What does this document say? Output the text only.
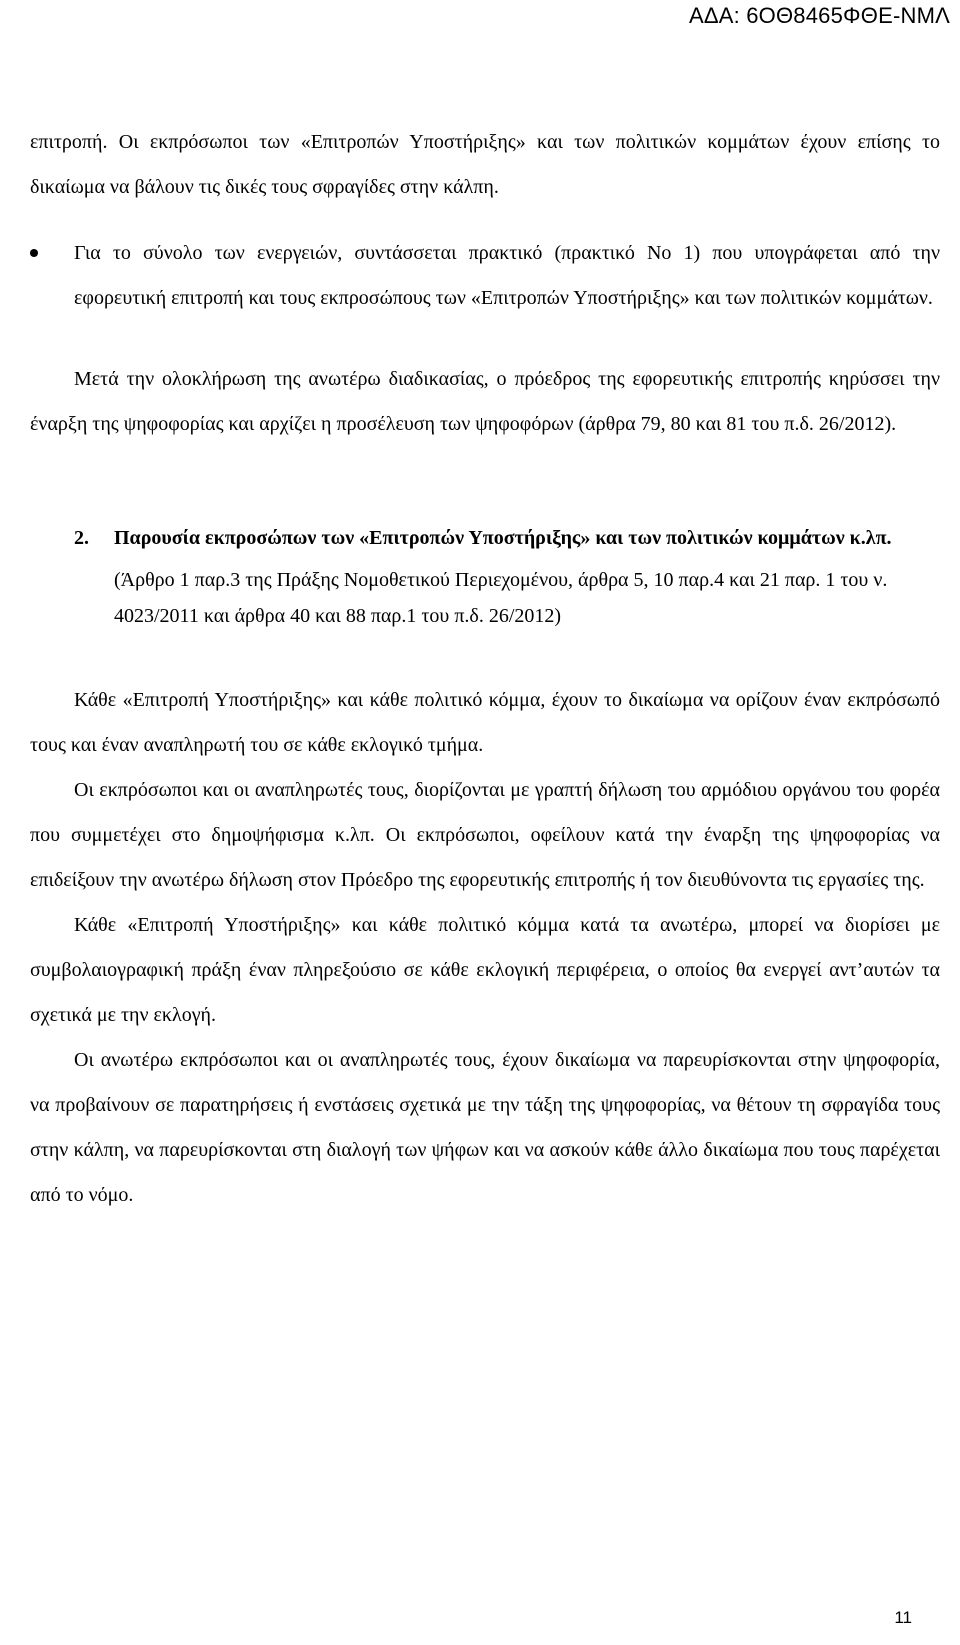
ΑΔΑ: 6ΟΘ8465ΦΘΕ-ΝΜΛ

επιτροπή. Οι εκπρόσωποι των «Επιτροπών Υποστήριξης» και των πολιτικών κομμάτων έχουν επίσης το δικαίωμα να βάλουν τις δικές τους σφραγίδες στην κάλπη.

Για το σύνολο των ενεργειών, συντάσσεται πρακτικό (πρακτικό Νο 1) που υπογράφεται από την εφορευτική επιτροπή και τους εκπροσώπους των «Επιτροπών Υποστήριξης» και των πολιτικών κομμάτων.

Μετά την ολοκλήρωση της ανωτέρω διαδικασίας, ο πρόεδρος της εφορευτικής επιτροπής κηρύσσει την έναρξη της ψηφοφορίας και αρχίζει η προσέλευση των ψηφοφόρων (άρθρα 79, 80 και 81 του π.δ. 26/2012).

2. Παρουσία εκπροσώπων των «Επιτροπών Υποστήριξης» και των πολιτικών κομμάτων κ.λπ.

(Άρθρο 1 παρ.3 της Πράξης Νομοθετικού Περιεχομένου, άρθρα 5, 10 παρ.4 και 21 παρ. 1 του ν. 4023/2011 και άρθρα 40 και 88 παρ.1 του π.δ. 26/2012)

Κάθε «Επιτροπή Υποστήριξης» και κάθε πολιτικό κόμμα, έχουν το δικαίωμα να ορίζουν έναν εκπρόσωπό τους και έναν αναπληρωτή του σε κάθε εκλογικό τμήμα.

Οι εκπρόσωποι και οι αναπληρωτές τους, διορίζονται με γραπτή δήλωση του αρμόδιου οργάνου του φορέα που συμμετέχει στο δημοψήφισμα κ.λπ. Οι εκπρόσωποι, οφείλουν κατά την έναρξη της ψηφοφορίας να επιδείξουν την ανωτέρω δήλωση στον Πρόεδρο της εφορευτικής επιτροπής ή τον διευθύνοντα τις εργασίες της.

Κάθε «Επιτροπή Υποστήριξης» και κάθε πολιτικό κόμμα κατά τα ανωτέρω, μπορεί να διορίσει με συμβολαιογραφική πράξη έναν πληρεξούσιο σε κάθε εκλογική περιφέρεια, ο οποίος θα ενεργεί αντ’αυτών τα σχετικά με την εκλογή.

Οι ανωτέρω εκπρόσωποι και οι αναπληρωτές τους, έχουν δικαίωμα να παρευρίσκονται στην ψηφοφορία, να προβαίνουν σε παρατηρήσεις ή ενστάσεις σχετικά με την τάξη της ψηφοφορίας, να θέτουν τη σφραγίδα τους στην κάλπη, να παρευρίσκονται στη διαλογή των ψήφων και να ασκούν κάθε άλλο δικαίωμα που τους παρέχεται από το νόμο.

11
